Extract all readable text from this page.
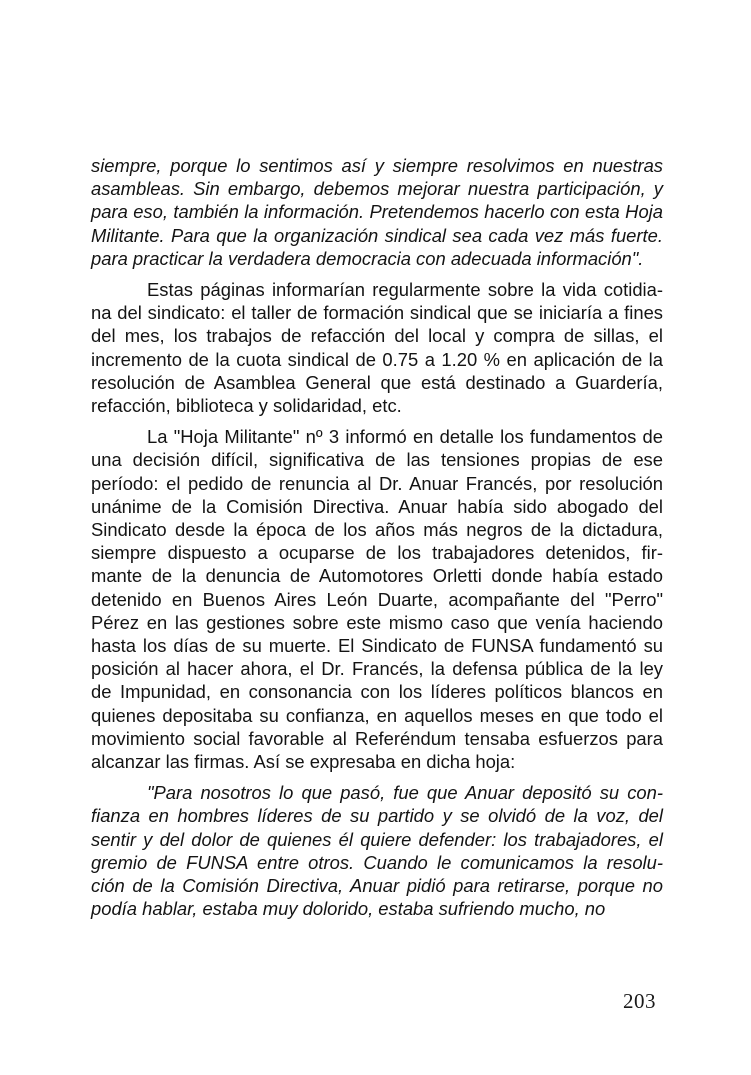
siempre, porque lo sentimos así y siempre resolvimos en nuestras
asambleas. Sin embargo, debemos mejorar nuestra participación, y
para eso, también la información. Pretendemos hacerlo con esta Hoja
Militante. Para que la organización sindical sea cada vez más fuerte.
para practicar la verdadera democracia con adecuada información".

Estas páginas informarían regularmente sobre la vida cotidia-
na del sindicato: el taller de formación sindical que se iniciaría a fines
del mes, los trabajos de refacción del local y compra de sillas, el
incremento de la cuota sindical de 0.75 a 1.20 % en aplicación de la
resolución de Asamblea General que está destinado a Guardería,
refacción, biblioteca y solidaridad, etc.

La "Hoja Militante" nº 3 informó en detalle los fundamentos de
una decisión difícil, significativa de las tensiones propias de ese
período: el pedido de renuncia al Dr. Anuar Francés, por resolución
unánime de la Comisión Directiva. Anuar había sido abogado del
Sindicato desde la época de los años más negros de la dictadura,
siempre dispuesto a ocuparse de los trabajadores detenidos, fir-
mante de la denuncia de Automotores Orletti donde había estado
detenido en Buenos Aires León Duarte, acompañante del "Perro"
Pérez en las gestiones sobre este mismo caso que venía haciendo
hasta los días de su muerte. El Sindicato de FUNSA fundamentó su
posición al hacer ahora, el Dr. Francés, la defensa pública de la ley
de Impunidad, en consonancia con los líderes políticos blancos en
quienes depositaba su confianza, en aquellos meses en que todo el
movimiento social favorable al Referéndum tensaba esfuerzos para
alcanzar las firmas. Así se expresaba en dicha hoja:

"Para nosotros lo que pasó, fue que Anuar depositó su con-
fianza en hombres líderes de su partido y se olvidó de la voz, del
sentir y del dolor de quienes él quiere defender: los trabajadores, el
gremio de FUNSA entre otros. Cuando le comunicamos la resolu-
ción de la Comisión Directiva, Anuar pidió para retirarse, porque no
podía hablar, estaba muy dolorido, estaba sufriendo mucho, no

203
